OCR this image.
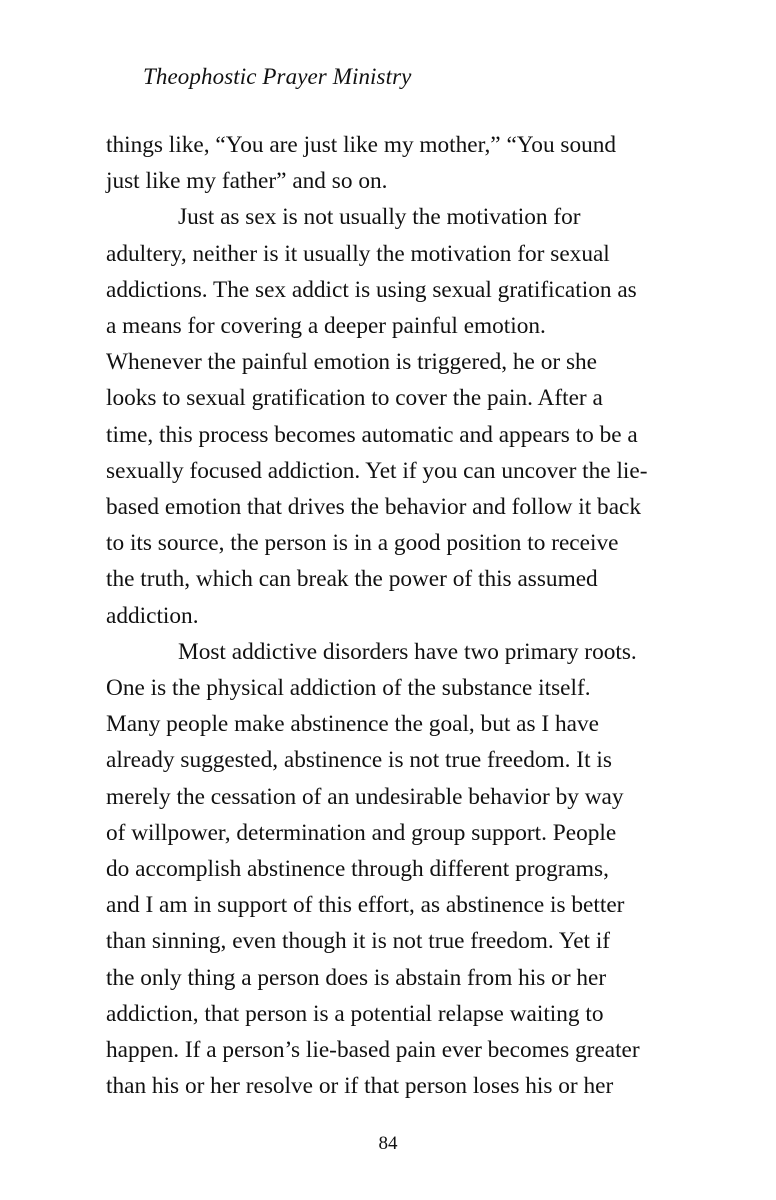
Theophostic Prayer Ministry
things like, “You are just like my mother,” “You sound
just like my father” and so on.
Just as sex is not usually the motivation for
adultery, neither is it usually the motivation for sexual
addictions. The sex addict is using sexual gratification as
a means for covering a deeper painful emotion.
Whenever the painful emotion is triggered, he or she
looks to sexual gratification to cover the pain. After a
time, this process becomes automatic and appears to be a
sexually focused addiction. Yet if you can uncover the lie-
based emotion that drives the behavior and follow it back
to its source, the person is in a good position to receive
the truth, which can break the power of this assumed
addiction.
Most addictive disorders have two primary roots.
One is the physical addiction of the substance itself.
Many people make abstinence the goal, but as I have
already suggested, abstinence is not true freedom. It is
merely the cessation of an undesirable behavior by way
of willpower, determination and group support. People
do accomplish abstinence through different programs,
and I am in support of this effort, as abstinence is better
than sinning, even though it is not true freedom. Yet if
the only thing a person does is abstain from his or her
addiction, that person is a potential relapse waiting to
happen. If a person’s lie-based pain ever becomes greater
than his or her resolve or if that person loses his or her
84
